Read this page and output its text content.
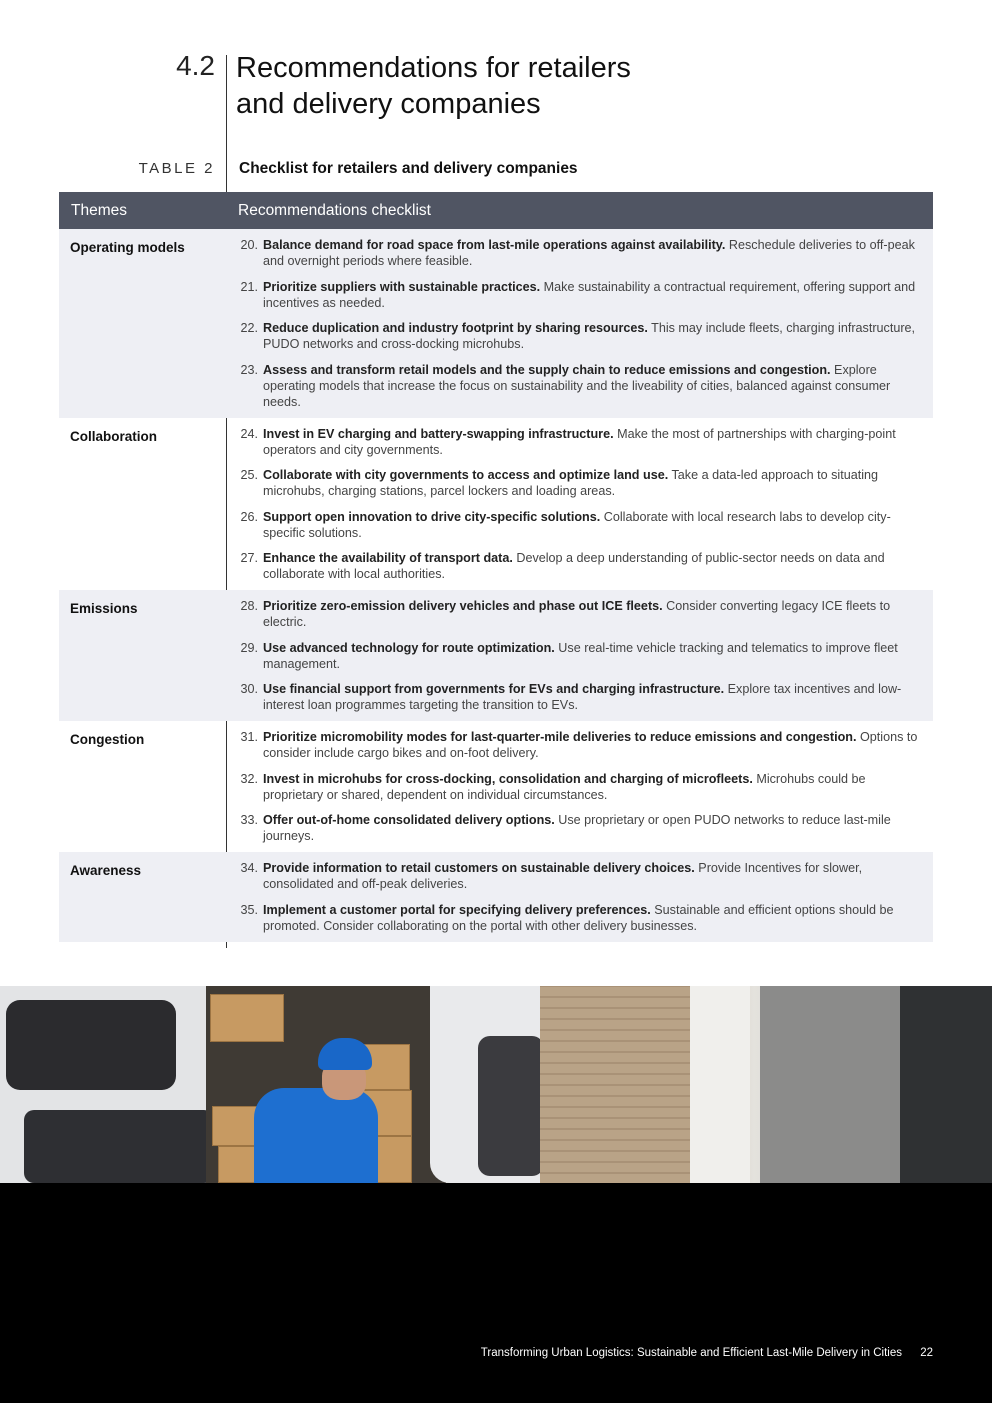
4.2 Recommendations for retailers
and delivery companies
TABLE 2 Checklist for retailers and delivery companies
Themes	Recommendations checklist
Operating models	20. Balance demand for road space from last-mile operations against availability. Reschedule deliveries to off-peak and overnight periods where feasible.
21. Prioritize suppliers with sustainable practices. Make sustainability a contractual requirement, offering support and incentives as needed.
22. Reduce duplication and industry footprint by sharing resources. This may include fleets, charging infrastructure, PUDO networks and cross-docking microhubs.
23. Assess and transform retail models and the supply chain to reduce emissions and congestion. Explore operating models that increase the focus on sustainability and the liveability of cities, balanced against consumer needs.
Collaboration	24. Invest in EV charging and battery-swapping infrastructure. Make the most of partnerships with charging-point operators and city governments.
25. Collaborate with city governments to access and optimize land use. Take a data-led approach to situating microhubs, charging stations, parcel lockers and loading areas.
26. Support open innovation to drive city-specific solutions. Collaborate with local research labs to develop city-specific solutions.
27. Enhance the availability of transport data. Develop a deep understanding of public-sector needs on data and collaborate with local authorities.
Emissions	28. Prioritize zero-emission delivery vehicles and phase out ICE fleets. Consider converting legacy ICE fleets to electric.
29. Use advanced technology for route optimization. Use real-time vehicle tracking and telematics to improve fleet management.
30. Use financial support from governments for EVs and charging infrastructure. Explore tax incentives and low-interest loan programmes targeting the transition to EVs.
Congestion	31. Prioritize micromobility modes for last-quarter-mile deliveries to reduce emissions and congestion. Options to consider include cargo bikes and on-foot delivery.
32. Invest in microhubs for cross-docking, consolidation and charging of microfleets. Microhubs could be proprietary or shared, dependent on individual circumstances.
33. Offer out-of-home consolidated delivery options. Use proprietary or open PUDO networks to reduce last-mile journeys.
Awareness	34. Provide information to retail customers on sustainable delivery choices. Provide Incentives for slower, consolidated and off-peak deliveries.
35. Implement a customer portal for specifying delivery preferences. Sustainable and efficient options should be promoted. Consider collaborating on the portal with other delivery businesses.
Transforming Urban Logistics: Sustainable and Efficient Last-Mile Delivery in Cities 22
